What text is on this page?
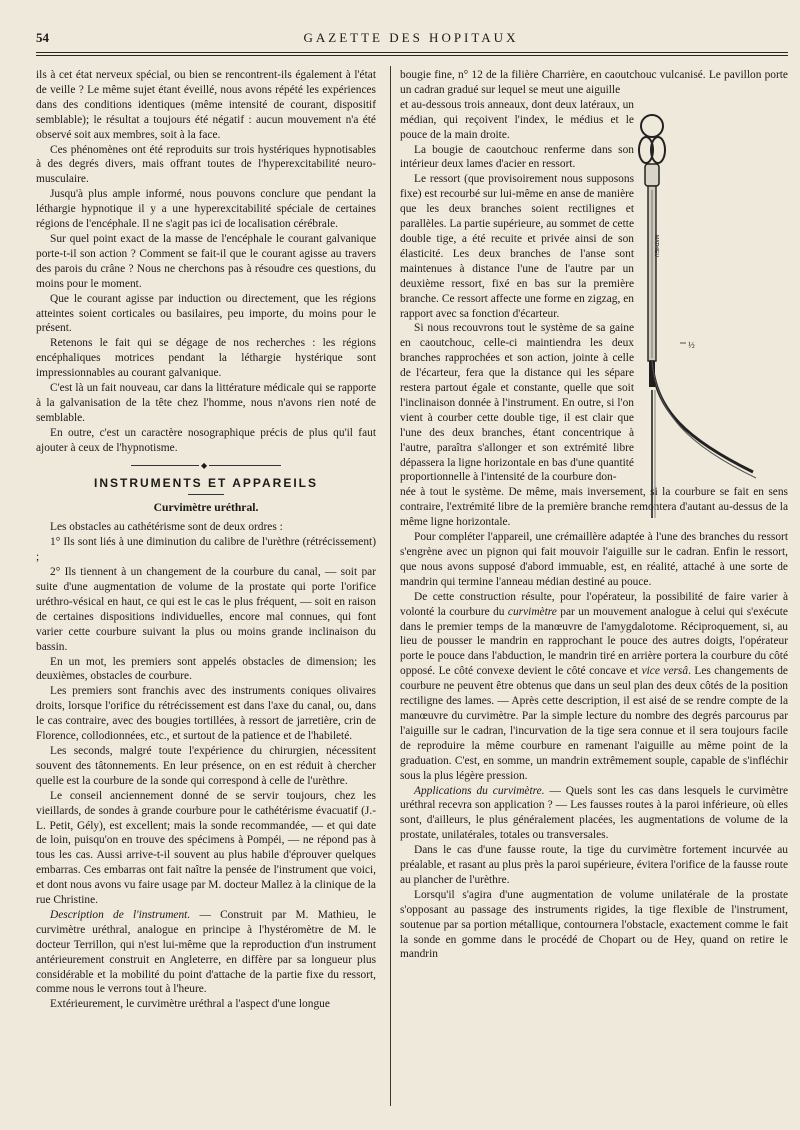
54	GAZETTE DES HOPITAUX

ils à cet état nerveux spécial, ou bien se rencontrent-ils également à l'état de veille ? Le même sujet étant éveillé, nous avons répété les expériences dans des conditions identiques (même intensité de courant, dispositif semblable); le résultat a toujours été négatif : aucun mouvement n'a été observé soit aux membres, soit à la face.

Ces phénomènes ont été reproduits sur trois hystériques hypnotisables à des degrés divers, mais offrant toutes de l'hyperexcitabilité neuro-musculaire.

Jusqu'à plus ample informé, nous pouvons conclure que pendant la léthargie hypnotique il y a une hyperexcitabilité spéciale de certaines régions de l'encéphale. Il ne s'agit pas ici de localisation cérébrale.

Sur quel point exact de la masse de l'encéphale le courant galvanique porte-t-il son action ? Comment se fait-il que le courant agisse au travers des parois du crâne ? Nous ne cherchons pas à résoudre ces questions, du moins pour le moment.

Que le courant agisse par induction ou directement, que les régions atteintes soient corticales ou basilaires, peu importe, du moins pour le présent.

Retenons le fait qui se dégage de nos recherches : les régions encéphaliques motrices pendant la léthargie hystérique sont impressionnables au courant galvanique.

C'est là un fait nouveau, car dans la littérature médicale qui se rapporte à la galvanisation de la tête chez l'homme, nous n'avons rien noté de semblable.

En outre, c'est un caractère nosographique précis de plus qu'il faut ajouter à ceux de l'hypnotisme.

◆
INSTRUMENTS ET APPAREILS
Curvimètre uréthral.

Les obstacles au cathétérisme sont de deux ordres :

1° Ils sont liés à une diminution du calibre de l'urèthre (rétrécissement) ;

2° Ils tiennent à un changement de la courbure du canal, — soit par suite d'une augmentation de volume de la prostate qui porte l'orifice uréthro-vésical en haut, ce qui est le cas le plus fréquent, — soit en raison de certaines dispositions individuelles, encore mal connues, qui font varier cette courbure suivant la plus ou moins grande inclinaison du bassin.

En un mot, les premiers sont appelés obstacles de dimension; les deuxièmes, obstacles de courbure.

Les premiers sont franchis avec des instruments coniques olivaires droits, lorsque l'orifice du rétrécissement est dans l'axe du canal, ou, dans le cas contraire, avec des bougies tortillées, à ressort de jarretière, crin de Florence, collodionnées, etc., et surtout de la patience et de l'habileté.

Les seconds, malgré toute l'expérience du chirurgien, nécessitent souvent des tâtonnements. En leur présence, on en est réduit à chercher quelle est la courbure de la sonde qui correspond à celle de l'urèthre.

Le conseil anciennement donné de se servir toujours, chez les vieillards, de sondes à grande courbure pour le cathétérisme évacuatif (J.-L. Petit, Gély), est excellent; mais la sonde recommandée, — et qui date de loin, puisqu'on en trouve des spécimens à Pompéi, — ne répond pas à tous les cas. Aussi arrive-t-il souvent au plus habile d'éprouver quelques embarras. Ces embarras ont fait naître la pensée de l'instrument que voici, et dont nous avons vu faire usage par M. docteur Mallez à la clinique de la rue Christine.

Description de l'instrument. — Construit par M. Mathieu, le curvimètre uréthral, analogue en principe à l'hystéromètre de M. le docteur Terrillon, qui n'est lui-même que la reproduction d'un instrument antérieurement construit en Angleterre, en diffère par sa longueur plus considérable et la mobilité du point d'attache de la partie fixe du ressort, comme nous le verrons tout à l'heure.

Extérieurement, le curvimètre uréthral a l'aspect d'une longue

bougie fine, n° 12 de la filière Charrière, en caoutchouc vulcanisé. Le pavillon porte un cadran gradué sur lequel se meut une aiguille

et au-dessous trois anneaux, dont deux latéraux, un médian, qui reçoivent l'index, le médius et le pouce de la main droite.

La bougie de caoutchouc renferme dans son intérieur deux lames d'acier en ressort.

Le ressort (que provisoirement nous supposons fixe) est recourbé sur lui-même en anse de manière que les deux branches soient rectilignes et parallèles. La partie supérieure, au sommet de cette double tige, a été recuite et privée ainsi de son élasticité. Les deux branches de l'anse sont maintenues à distance l'une de l'autre par un deuxième ressort, fixé en bas sur la première branche. Ce ressort affecte une forme en zigzag, en rapport avec sa fonction d'écarteur.

Si nous recouvrons tout le système de sa gaine en caoutchouc, celle-ci maintiendra les deux branches rapprochées et son action, jointe à celle de l'écarteur, fera que la distance qui les sépare restera partout égale et constante, quelle que soit l'inclinaison donnée à l'instrument. En outre, si l'on vient à courber cette double tige, il est clair que l'une des deux branches, étant concentrique à l'autre, paraîtra s'allonger et son extrémité libre dépassera la ligne horizontale en bas d'une quantité proportionnelle à l'intensité de la courbure don-

née à tout le système. De même, mais inversement, si la courbure se fait en sens contraire, l'extrémité libre de la première branche remontera d'autant au-dessus de la même ligne horizontale.

Pour compléter l'appareil, une crémaillère adaptée à l'une des branches du ressort s'engrène avec un pignon qui fait mouvoir l'aiguille sur le cadran. Enfin le ressort, que nous avons supposé d'abord immuable, est, en réalité, attaché à une sorte de mandrin qui termine l'anneau médian destiné au pouce.

De cette construction résulte, pour l'opérateur, la possibilité de faire varier à volonté la courbure du curvimètre par un mouvement analogue à celui qui s'exécute dans le premier temps de la manœuvre de l'amygdalotome. Réciproquement, si, au lieu de pousser le mandrin en rapprochant le pouce des autres doigts, l'opérateur porte le pouce dans l'abduction, le mandrin tiré en arrière portera la courbure du côté opposé. Le côté convexe devient le côté concave et vice versâ. Les changements de courbure ne peuvent être obtenus que dans un seul plan des deux côtés de la position rectiligne des lames. — Après cette description, il est aisé de se rendre compte de la manœuvre du curvimètre. Par la simple lecture du nombre des degrés parcourus par l'aiguille sur le cadran, l'incurvation de la tige sera connue et il sera toujours facile de reproduire la même courbure en ramenant l'aiguille au même point de la graduation. C'est, en somme, un mandrin extrêmement souple, capable de s'infléchir sous la plus légère pression.

Applications du curvimètre. — Quels sont les cas dans lesquels le curvimètre uréthral recevra son application ? — Les fausses routes à la paroi inférieure, où elles sont, d'ailleurs, le plus généralement placées, les augmentations de volume de la prostate, unilatérales, totales ou transversales.

Dans le cas d'une fausse route, la tige du curvimètre fortement incurvée au préalable, et rasant au plus près la paroi supérieure, évitera l'orifice de la fausse route au plancher de l'urèthre.

Lorsqu'il s'agira d'une augmentation de volume unilatérale de la prostate s'opposant au passage des instruments rigides, la tige flexible de l'instrument, soutenue par sa portion métallique, contournera l'obstacle, exactement comme le fait la sonde en gomme dans le procédé de Chopart ou de Hey, quand on retire le mandrin

MATHIEU
½
